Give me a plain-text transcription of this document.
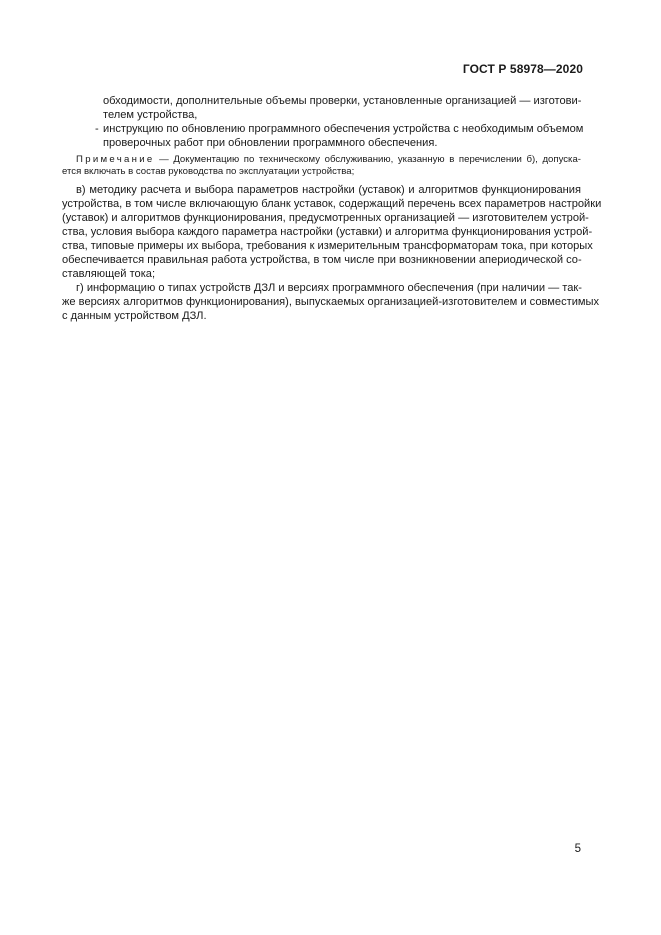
ГОСТ Р 58978—2020

обходимости, дополнительные объемы проверки, установленные организацией — изготови-

телем устройства,

- инструкцию по обновлению программного обеспечения устройства с необходимым объемом

проверочных работ при обновлении программного обеспечения.

Примечание — Документацию по техническому обслуживанию, указанную в перечислении б), допуска-

ется включать в состав руководства по эксплуатации устройства;

в) методику расчета и выбора параметров настройки (уставок) и алгоритмов функционирования

устройства, в том числе включающую бланк уставок, содержащий перечень всех параметров настройки

(уставок) и алгоритмов функционирования, предусмотренных организацией — изготовителем устрой-

ства, условия выбора каждого параметра настройки (уставки) и алгоритма функционирования устрой-

ства, типовые примеры их выбора, требования к измерительным трансформаторам тока, при которых

обеспечивается правильная работа устройства, в том числе при возникновении апериодической со-

ставляющей тока;

г) информацию о типах устройств ДЗЛ и версиях программного обеспечения (при наличии — так-

же версиях алгоритмов функционирования), выпускаемых организацией-изготовителем и совместимых

с данным устройством ДЗЛ.

5
